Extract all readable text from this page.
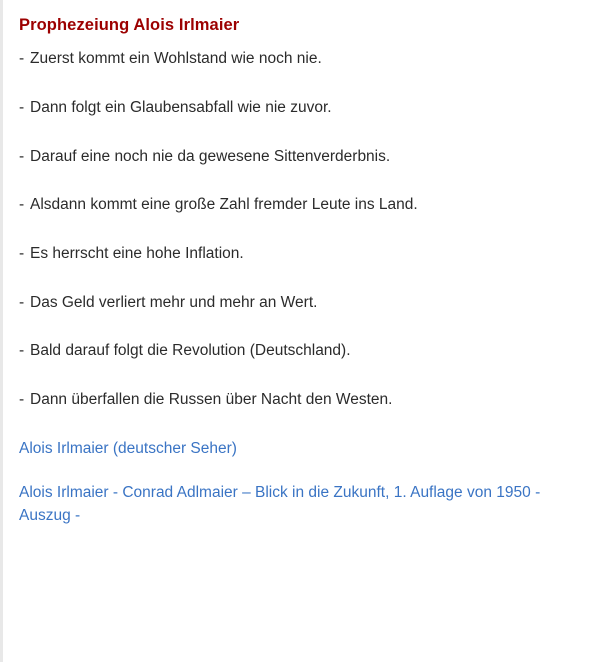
Prophezeiung Alois Irlmaier
- Zuerst kommt ein Wohlstand wie noch nie.
- Dann folgt ein Glaubensabfall wie nie zuvor.
- Darauf eine noch nie da gewesene Sittenverderbnis.
- Alsdann kommt eine große Zahl fremder Leute ins Land.
- Es herrscht eine hohe Inflation.
- Das Geld verliert mehr und mehr an Wert.
- Bald darauf folgt die Revolution (Deutschland).
- Dann überfallen die Russen über Nacht den Westen.
Alois Irlmaier (deutscher Seher)
Alois Irlmaier - Conrad Adlmaier – Blick in die Zukunft, 1. Auflage von 1950 - Auszug -
